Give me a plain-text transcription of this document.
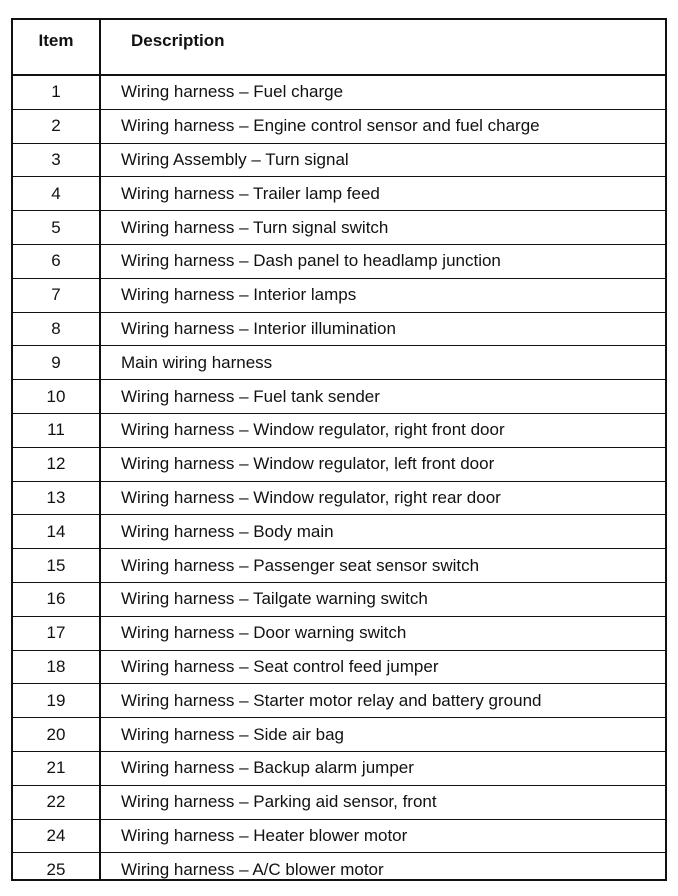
Item	Description
1	Wiring harness – Fuel charge
2	Wiring harness – Engine control sensor and fuel charge
3	Wiring Assembly – Turn signal
4	Wiring harness – Trailer lamp feed
5	Wiring harness – Turn signal switch
6	Wiring harness – Dash panel to headlamp junction
7	Wiring harness – Interior lamps
8	Wiring harness – Interior illumination
9	Main wiring harness
10	Wiring harness – Fuel tank sender
11	Wiring harness – Window regulator, right front door
12	Wiring harness – Window regulator, left front door
13	Wiring harness – Window regulator, right rear door
14	Wiring harness – Body main
15	Wiring harness – Passenger seat sensor switch
16	Wiring harness – Tailgate warning switch
17	Wiring harness – Door warning switch
18	Wiring harness – Seat control feed jumper
19	Wiring harness – Starter motor relay and battery ground
20	Wiring harness – Side air bag
21	Wiring harness – Backup alarm jumper
22	Wiring harness – Parking aid sensor, front
24	Wiring harness – Heater blower motor
25	Wiring harness – A/C blower motor
